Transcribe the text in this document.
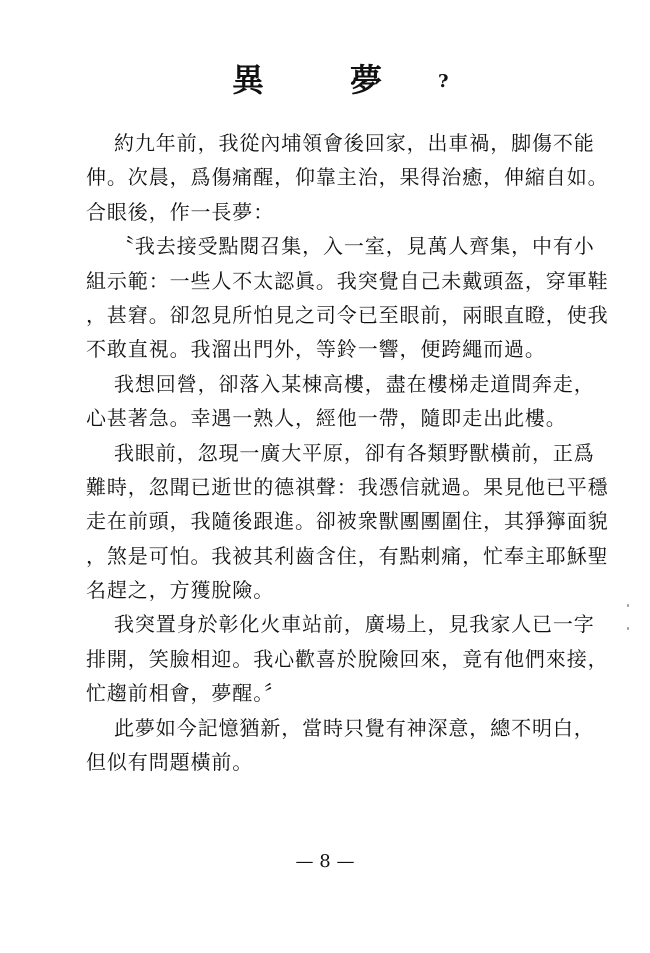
異	夢	?
約九年前，我從內埔領會後回家，出車禍，脚傷不能
伸。次晨，爲傷痛醒，仰靠主治，果得治癒，伸縮自如。
合眼後，作一長夢：
〝我去接受點閱召集，入一室，見萬人齊集，中有小
組示範：一些人不太認眞。我突覺自己未戴頭盔，穿軍鞋
，甚窘。卻忽見所怕見之司令已至眼前，兩眼直瞪，使我
不敢直視。我溜出門外，等鈴一響，便跨繩而過。
我想回營，卻落入某棟高樓，盡在樓梯走道間奔走，
心甚著急。幸遇一熟人，經他一帶，隨即走出此樓。
我眼前，忽現一廣大平原，卻有各類野獸橫前，正爲
難時，忽聞已逝世的德祺聲：我憑信就過。果見他已平穩
走在前頭，我隨後跟進。卻被衆獸團團圍住，其猙獰面貌
，煞是可怕。我被其利齒含住，有點刺痛，忙奉主耶穌聖
名趕之，方獲脫險。
我突置身於彰化火車站前，廣場上，見我家人已一字
排開，笑臉相迎。我心歡喜於脫險回來，竟有他們來接，
忙趨前相會，夢醒。〞
此夢如今記憶猶新，當時只覺有神深意，總不明白，
但似有問題橫前。
— 8 —
